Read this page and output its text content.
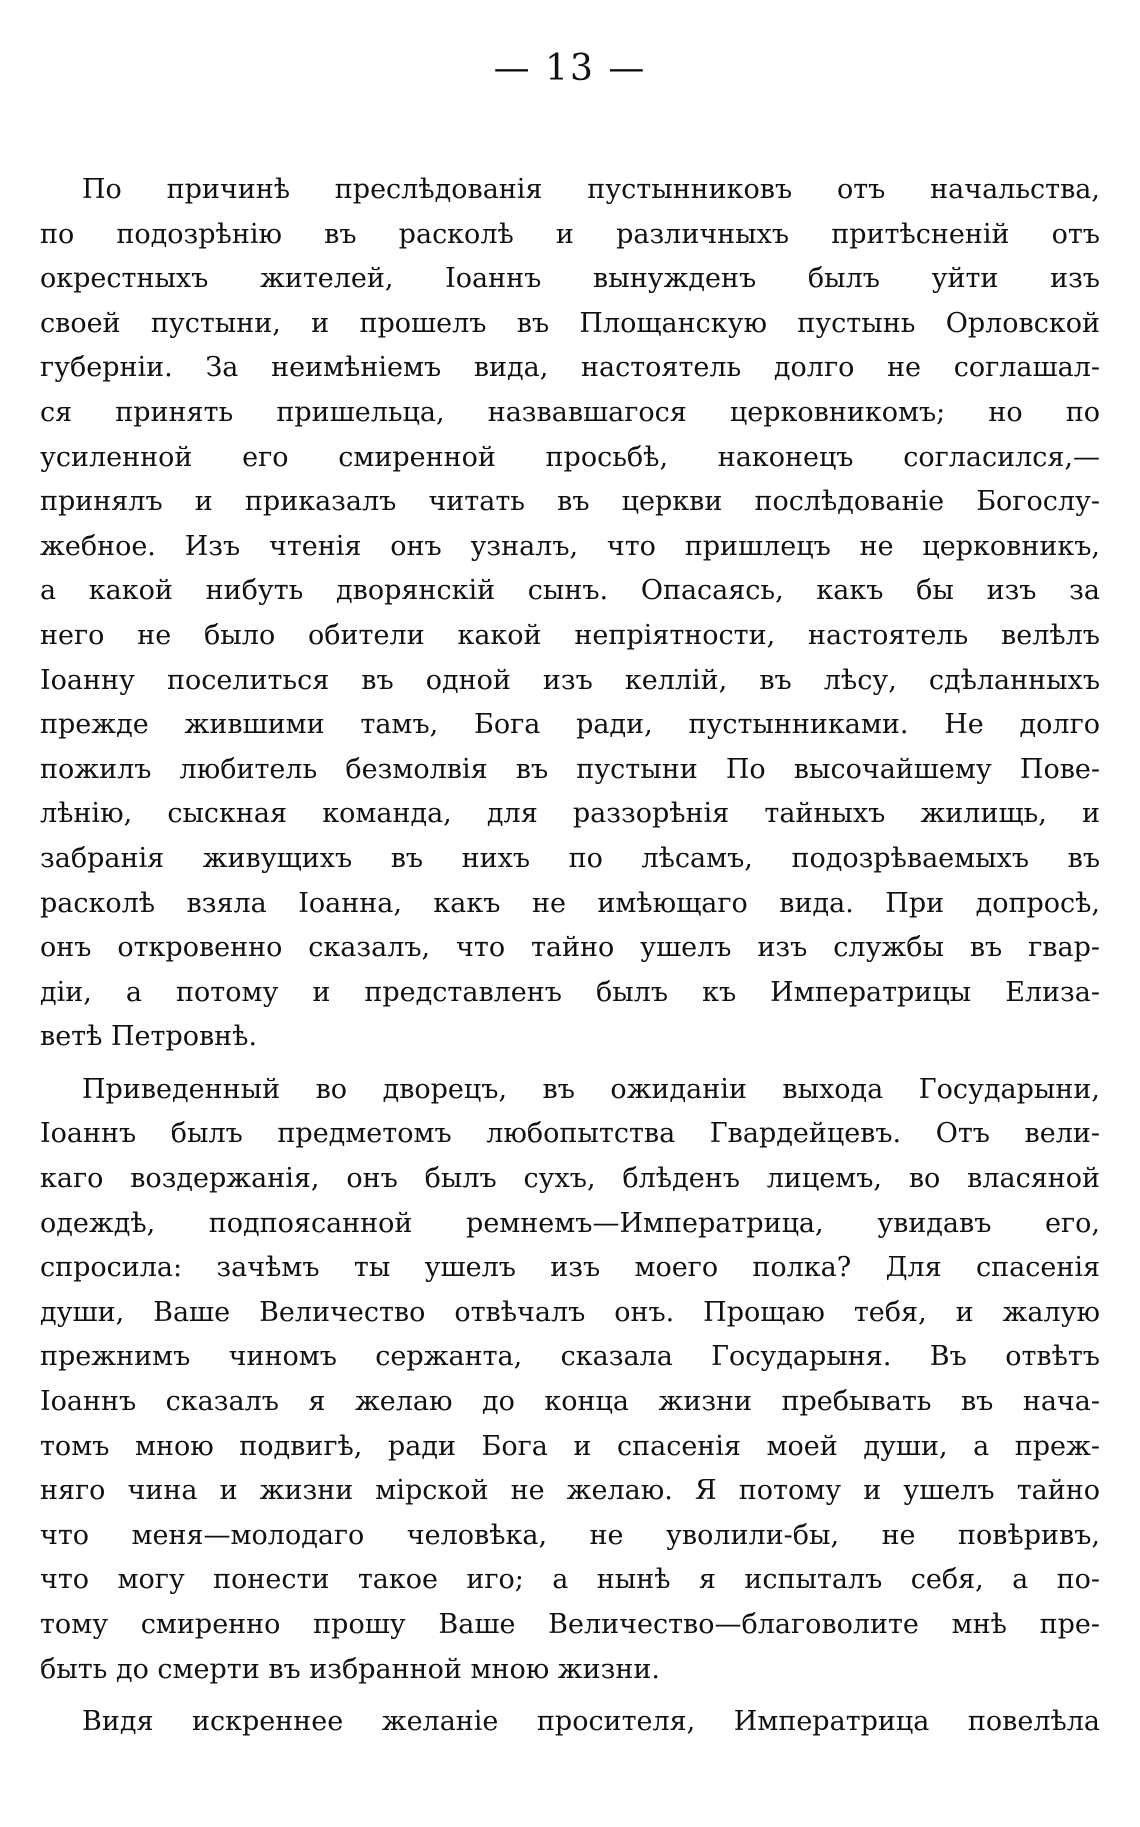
— 13 —
По причинѣ преслѣдованія пустынниковъ отъ начальства,
по подозрѣнію въ расколѣ и различныхъ притѣсненій отъ
окрестныхъ жителей, Іоаннъ вынужденъ былъ уйти изъ
своей пустыни, и прошелъ въ Площанскую пустынь Орловской
губерніи. За неимѣніемъ вида, настоятель долго не соглашал-
ся принять пришельца, назвавшагося церковникомъ; но по
усиленной его смиренной просьбѣ, наконецъ согласился,—
принялъ и приказалъ читать въ церкви послѣдованіе Богослу-
жебное. Изъ чтенія онъ узналъ, что пришлецъ не церковникъ,
а какой нибуть дворянскій сынъ. Опасаясь, какъ бы изъ за
него не было обители какой непріятности, настоятель велѣлъ
Іоанну поселиться въ одной изъ келлій, въ лѣсу, сдѣланныхъ
прежде жившими тамъ, Бога ради, пустынниками. Не долго
пожилъ любитель безмолвія въ пустыни По высочайшему Пове-
лѣнію, сыскная команда, для раззорѣнія тайныхъ жилищь, и
забранія живущихъ въ нихъ по лѣсамъ, подозрѣваемыхъ въ
расколѣ взяла Іоанна, какъ не имѣющаго вида. При допросѣ,
онъ откровенно сказалъ, что тайно ушелъ изъ службы въ гвар-
діи, а потому и представленъ былъ къ Императрицы Елиза-
ветѣ Петровнѣ.
Приведенный во дворецъ, въ ожиданіи выхода Государыни,
Іоаннъ былъ предметомъ любопытства Гвардейцевъ. Отъ вели-
каго воздержанія, онъ былъ сухъ, блѣденъ лицемъ, во власяной
одеждѣ, подпоясанной ремнемъ—Императрица, увидавъ его,
спросила: зачѣмъ ты ушелъ изъ моего полка? Для спасенія
души, Ваше Величество отвѣчалъ онъ. Прощаю тебя, и жалую
прежнимъ чиномъ сержанта, сказала Государыня. Въ отвѣтъ
Іоаннъ сказалъ я желаю до конца жизни пребывать въ нача-
томъ мною подвигѣ, ради Бога и спасенія моей души, а преж-
няго чина и жизни мірской не желаю. Я потому и ушелъ тайно
что меня—молодаго человѣка, не уволили-бы, не повѣривъ,
что могу понести такое иго; а нынѣ я испыталъ себя, а по-
тому смиренно прошу Ваше Величество—благоволите мнѣ пре-
быть до смерти въ избранной мною жизни.
Видя искреннее желаніе просителя, Императрица повелѣла
